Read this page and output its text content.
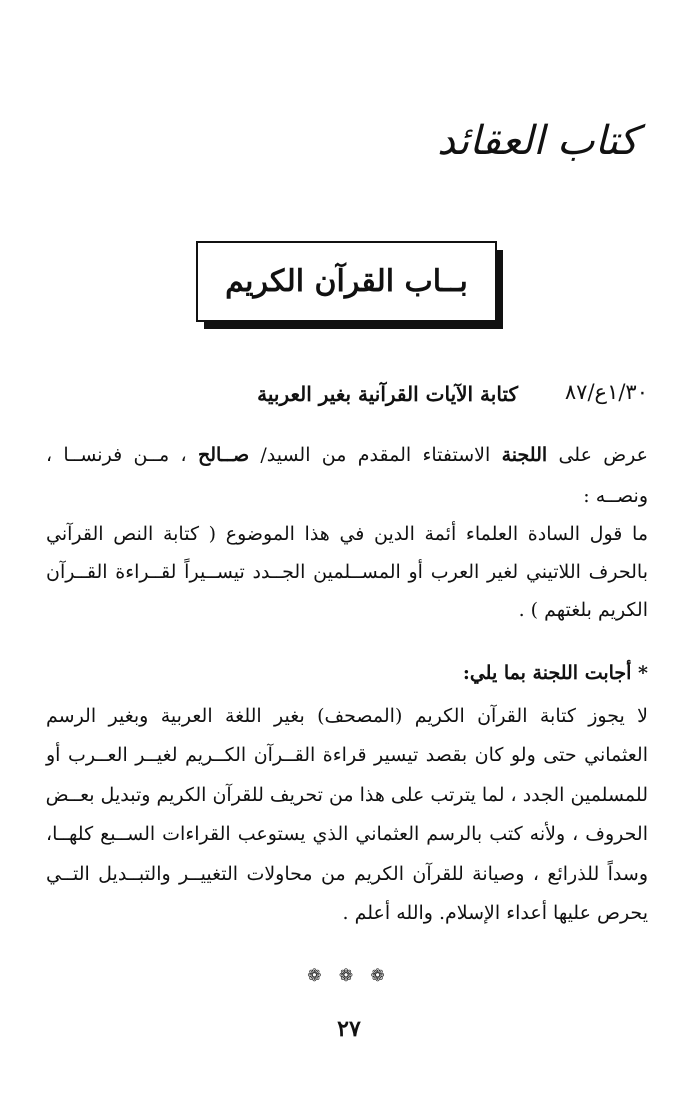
كتاب العقائد
بــاب القرآن الكريم
١/٣٠ع/٨٧
كتابة الآيات القرآنية بغير العربية
عرض على اللجنة الاستفتاء المقدم من السيد/ صــالح ، مــن فرنســا ،
ونصــه :
ما قول السادة العلماء أئمة الدين في هذا الموضوع ( كتابة النص القرآني
بالحرف اللاتيني لغير العرب أو المســلمين الجــدد تيســيراً لقــراءة القــرآن
الكريم بلغتهم ) .
* أجابت اللجنة بما يلي:
لا يجوز كتابة القرآن الكريم (المصحف) بغير اللغة العربية وبغير الرسم
العثماني حتى ولو كان بقصد تيسير قراءة القــرآن الكــريم لغيــر العــرب أو
للمسلمين الجدد ، لما يترتب على هذا من تحريف للقرآن الكريم وتبديل بعــض
الحروف ، ولأنه كتب بالرسم العثماني الذي يستوعب القراءات الســبع كلهــا،
وسداً للذرائع ، وصيانة للقرآن الكريم من محاولات التغييــر والتبــديل التــي
يحرص عليها أعداء الإسلام. والله أعلم .
❁ ❁ ❁
٢٧
